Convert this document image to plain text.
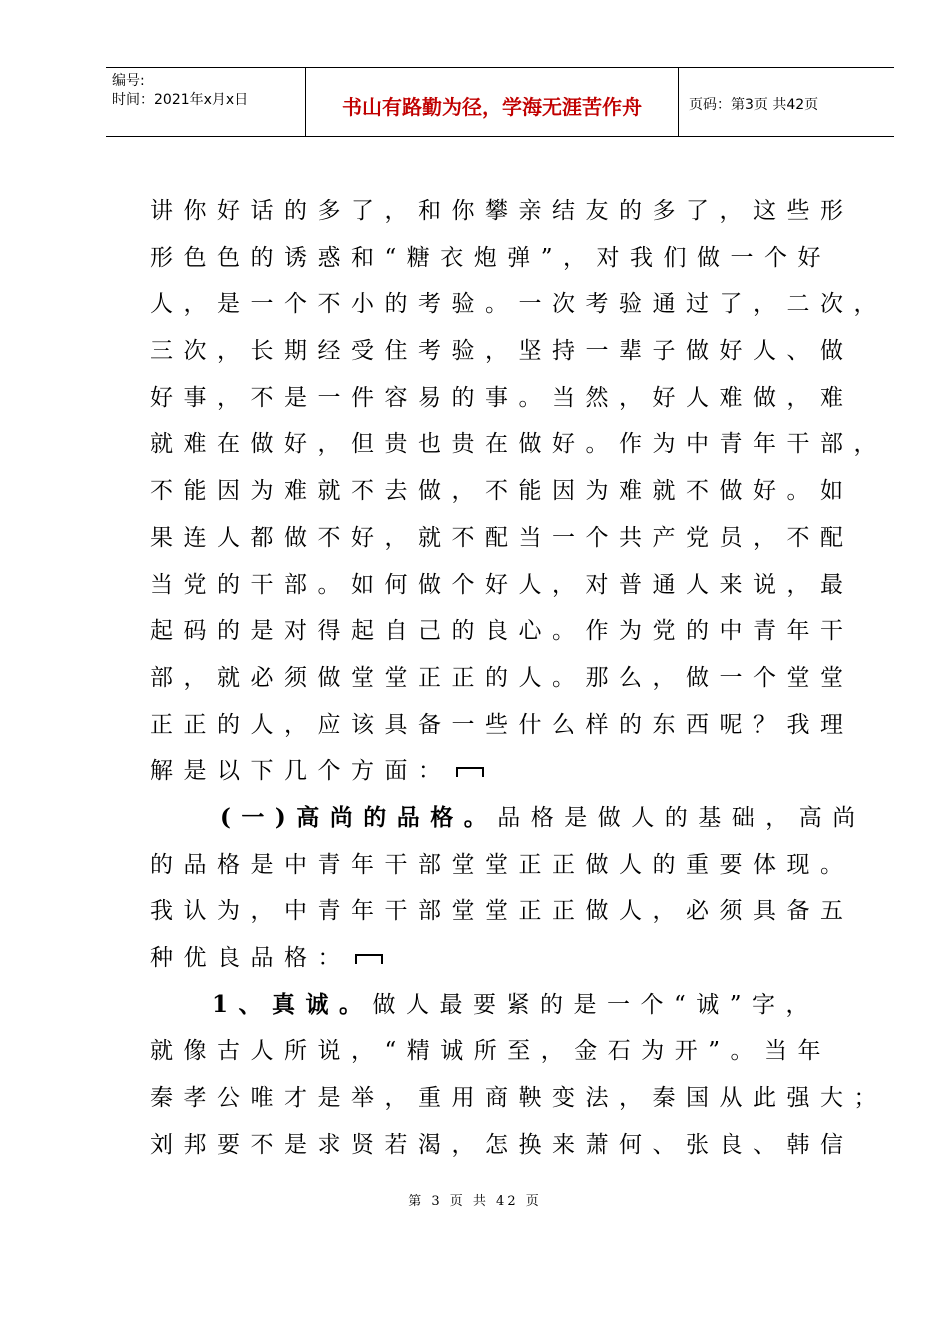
编号:
时间：2021年x月x日	书山有路勤为径，学海无涯苦作舟	页码：第3页 共42页
讲你好话的多了，和你攀亲结友的多了，这些形
形色色的诱惑和“糖衣炮弹”，对我们做一个好
人，是一个不小的考验。一次考验通过了，二次，
三次，长期经受住考验，坚持一辈子做好人、做
好事，不是一件容易的事。当然，好人难做，难
就难在做好，但贵也贵在做好。作为中青年干部，
不能因为难就不去做，不能因为难就不做好。如
果连人都做不好，就不配当一个共产党员，不配
当党的干部。如何做个好人，对普通人来说，最
起码的是对得起自己的良心。作为党的中青年干
部，就必须做堂堂正正的人。那么，做一个堂堂
正正的人，应该具备一些什么样的东西呢？我理
解是以下几个方面：
(一)高尚的品格。品格是做人的基础，高尚
的品格是中青年干部堂堂正正做人的重要体现。
我认为，中青年干部堂堂正正做人，必须具备五
种优良品格：
1、真诚。做人最要紧的是一个“诚”字，
就像古人所说，“精诚所至，金石为开”。当年
秦孝公唯才是举，重用商鞅变法，秦国从此强大；
刘邦要不是求贤若渴，怎换来萧何、张良、韩信
第 3 页 共 42 页
